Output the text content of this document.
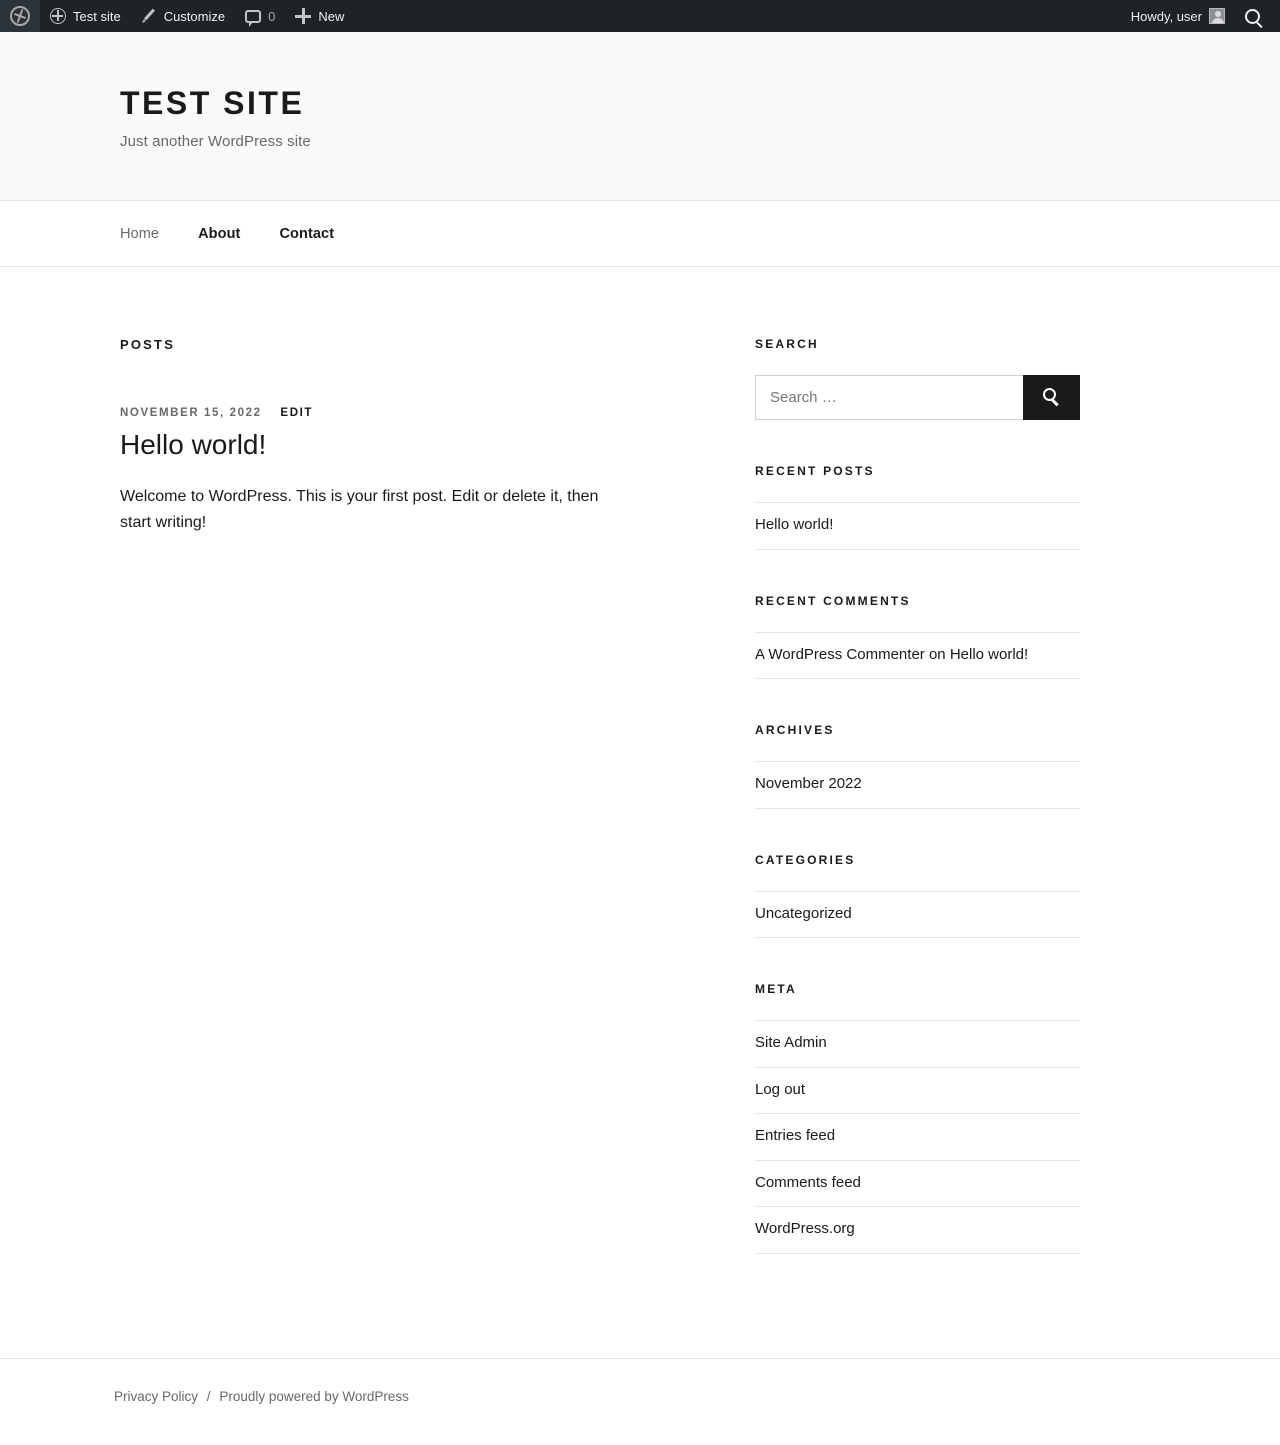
Test site	Customize	0	New	Howdy, user
TEST SITE

Just another WordPress site

Home	About	Contact
POSTS
NOVEMBER 15, 2022 EDIT
Hello world!

Welcome to WordPress. This is your first post. Edit or delete it, then start writing!

SEARCH
Search …
RECENT POSTS
Hello world!
RECENT COMMENTS
A WordPress Commenter on Hello world!
ARCHIVES
November 2022
CATEGORIES
Uncategorized
META
Site Admin
Log out
Entries feed
Comments feed
WordPress.org
Privacy Policy / Proudly powered by WordPress
